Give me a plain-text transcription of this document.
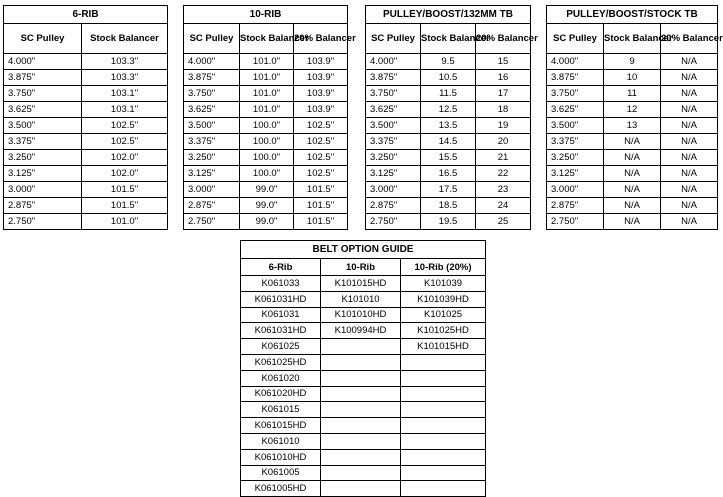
6-RIB	
SC Pulley	Stock Balancer
4.000"	103.3"
3.875"	103.3"
3.750"	103.1"
3.625"	103.1"
3.500"	102.5"
3.375"	102.5"
3.250"	102.0"
3.125"	102.0"
3.000"	101.5"
2.875"	101.5"
2.750"	101.0"
10-RIB		
SC Pulley	Stock Balancer	20% Balancer
4.000"	101.0"	103.9"
3.875"	101.0"	103.9"
3.750"	101.0"	103.9"
3.625"	101.0"	103.9"
3.500"	100.0"	102.5"
3.375"	100.0"	102.5"
3.250"	100.0"	102.5"
3.125"	100.0"	102.5"
3.000"	99.0"	101.5"
2.875"	99.0"	101.5"
2.750"	99.0"	101.5"
PULLEY/BOOST/132MM TB		
SC Pulley	Stock Balancer	20% Balancer
4.000"	9.5	15
3.875"	10.5	16
3.750"	11.5	17
3.625"	12.5	18
3.500"	13.5	19
3.375"	14.5	20
3.250"	15.5	21
3.125"	16.5	22
3.000"	17.5	23
2.875"	18.5	24
2.750"	19.5	25
PULLEY/BOOST/STOCK TB		
SC Pulley	Stock Balancer	20% Balancer
4.000"	9	N/A
3.875"	10	N/A
3.750"	11	N/A
3.625"	12	N/A
3.500"	13	N/A
3.375"	N/A	N/A
3.250"	N/A	N/A
3.125"	N/A	N/A
3.000"	N/A	N/A
2.875"	N/A	N/A
2.750"	N/A	N/A
BELT OPTION GUIDE		
6-Rib	10-Rib	10-Rib (20%)
K061033	K101015HD	K101039
K061031HD	K101010	K101039HD
K061031	K101010HD	K101025
K061031HD	K100994HD	K101025HD
K061025		K101015HD
K061025HD		
K061020		
K061020HD		
K061015		
K061015HD		
K061010		
K061010HD		
K061005		
K061005HD		
